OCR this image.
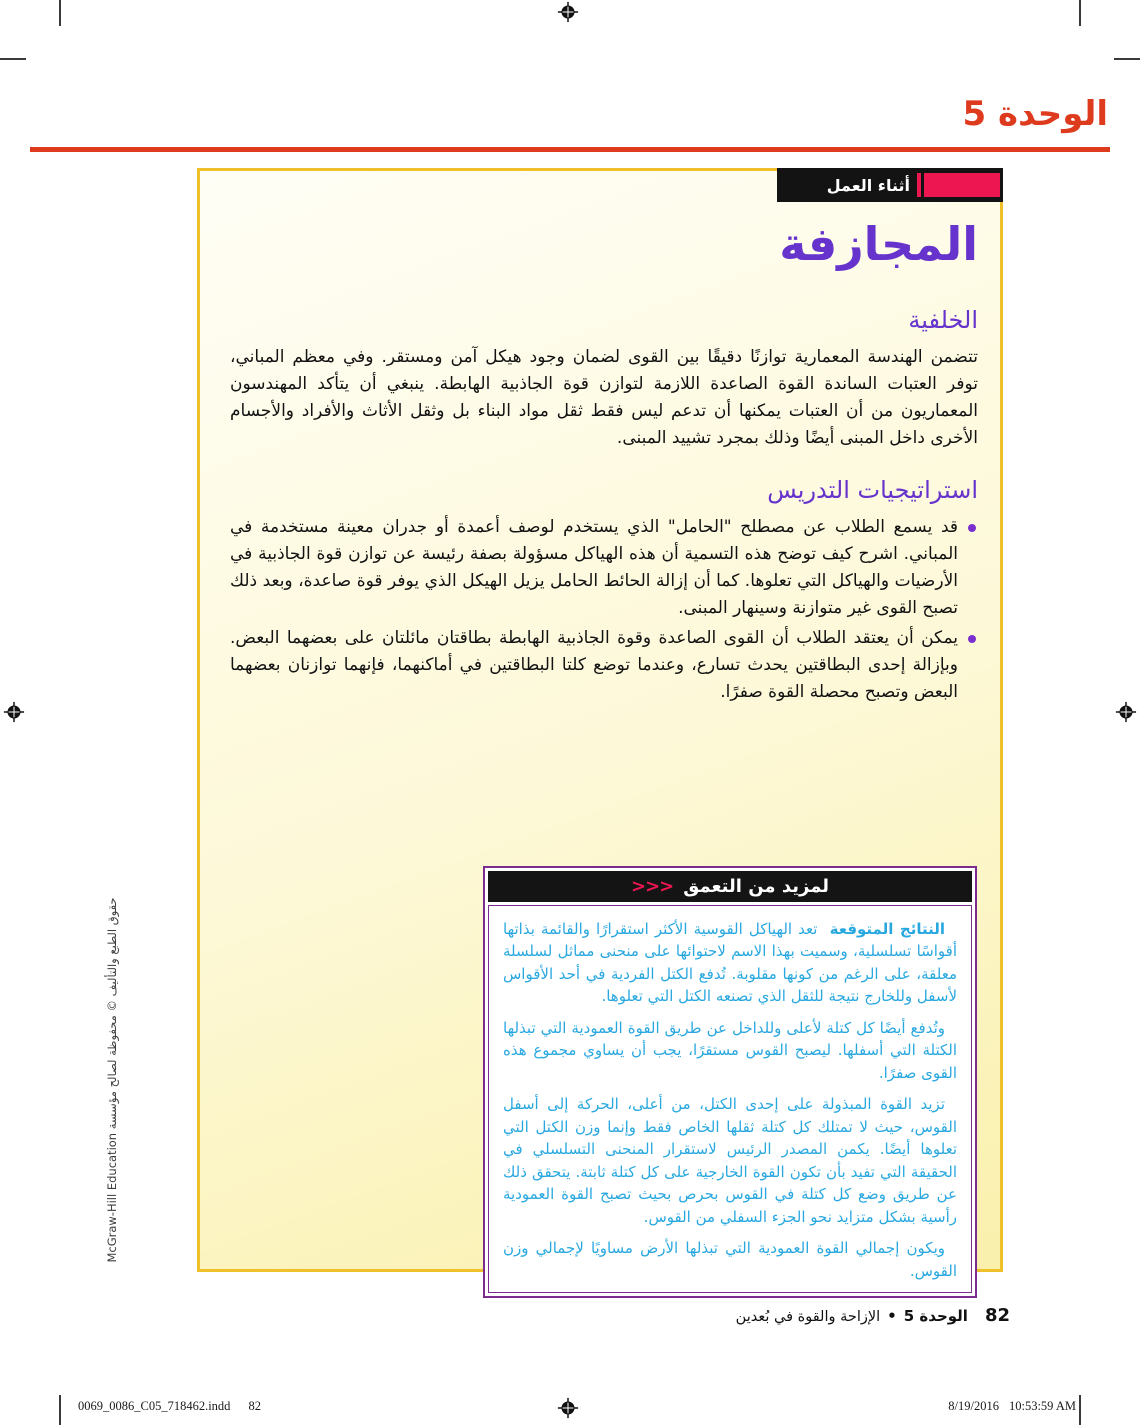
الوحدة 5
أثناء العمل
المجازفة
الخلفية

تتضمن الهندسة المعمارية توازنًا دقيقًا بين القوى لضمان وجود هيكل آمن ومستقر. وفي معظم المباني، توفر العتبات الساندة القوة الصاعدة اللازمة لتوازن قوة الجاذبية الهابطة. ينبغي أن يتأكد المهندسون المعماريون من أن العتبات يمكنها أن تدعم ليس فقط ثقل مواد البناء بل وثقل الأثاث والأفراد والأجسام الأخرى داخل المبنى أيضًا وذلك بمجرد تشييد المبنى.

استراتيجيات التدريس
قد يسمع الطلاب عن مصطلح "الحامل" الذي يستخدم لوصف أعمدة أو جدران معينة مستخدمة في المباني. اشرح كيف توضح هذه التسمية أن هذه الهياكل مسؤولة بصفة رئيسة عن توازن قوة الجاذبية في الأرضيات والهياكل التي تعلوها. كما أن إزالة الحائط الحامل يزيل الهيكل الذي يوفر قوة صاعدة، وبعد ذلك تصبح القوى غير متوازنة وسينهار المبنى.
يمكن أن يعتقد الطلاب أن القوى الصاعدة وقوة الجاذبية الهابطة بطاقتان مائلتان على بعضهما البعض. وبإزالة إحدى البطاقتين يحدث تسارع، وعندما توضع كلتا البطاقتين في أماكنهما، فإنهما توازنان بعضهما البعض وتصبح محصلة القوة صفرًا.
لمزيد من التعمق
>>>

النتائج المتوقعة  تعد الهياكل القوسية الأكثر استقرارًا والقائمة بذاتها أقواسًا تسلسلية، وسميت بهذا الاسم لاحتوائها على منحنى مماثل لسلسلة معلقة، على الرغم من كونها مقلوبة. تُدفع الكتل الفردية في أحد الأقواس لأسفل وللخارج نتيجة للثقل الذي تصنعه الكتل التي تعلوها.

وتُدفع أيضًا كل كتلة لأعلى وللداخل عن طريق القوة العمودية التي تبذلها الكتلة التي أسفلها. ليصبح القوس مستقرًا، يجب أن يساوي مجموع هذه القوى صفرًا.

تزيد القوة المبذولة على إحدى الكتل، من أعلى، الحركة إلى أسفل القوس، حيث لا تمتلك كل كتلة ثقلها الخاص فقط وإنما وزن الكتل التي تعلوها أيضًا. يكمن المصدر الرئيس لاستقرار المنحنى التسلسلي في الحقيقة التي تفيد بأن تكون القوة الخارجية على كل كتلة ثابتة. يتحقق ذلك عن طريق وضع كل كتلة في القوس بحرص بحيث تصبح القوة العمودية رأسية بشكل متزايد نحو الجزء السفلي من القوس.

ويكون إجمالي القوة العمودية التي تبذلها الأرض مساويًا لإجمالي وزن القوس.

حقوق الطبع والتأليف © محفوظة لصالح مؤسسة McGraw-Hill Education
82
الوحدة 5
•
الإزاحة والقوة في بُعدين
0069_0086_C05_718462.indd 82	8/19/2016 10:53:59 AM
